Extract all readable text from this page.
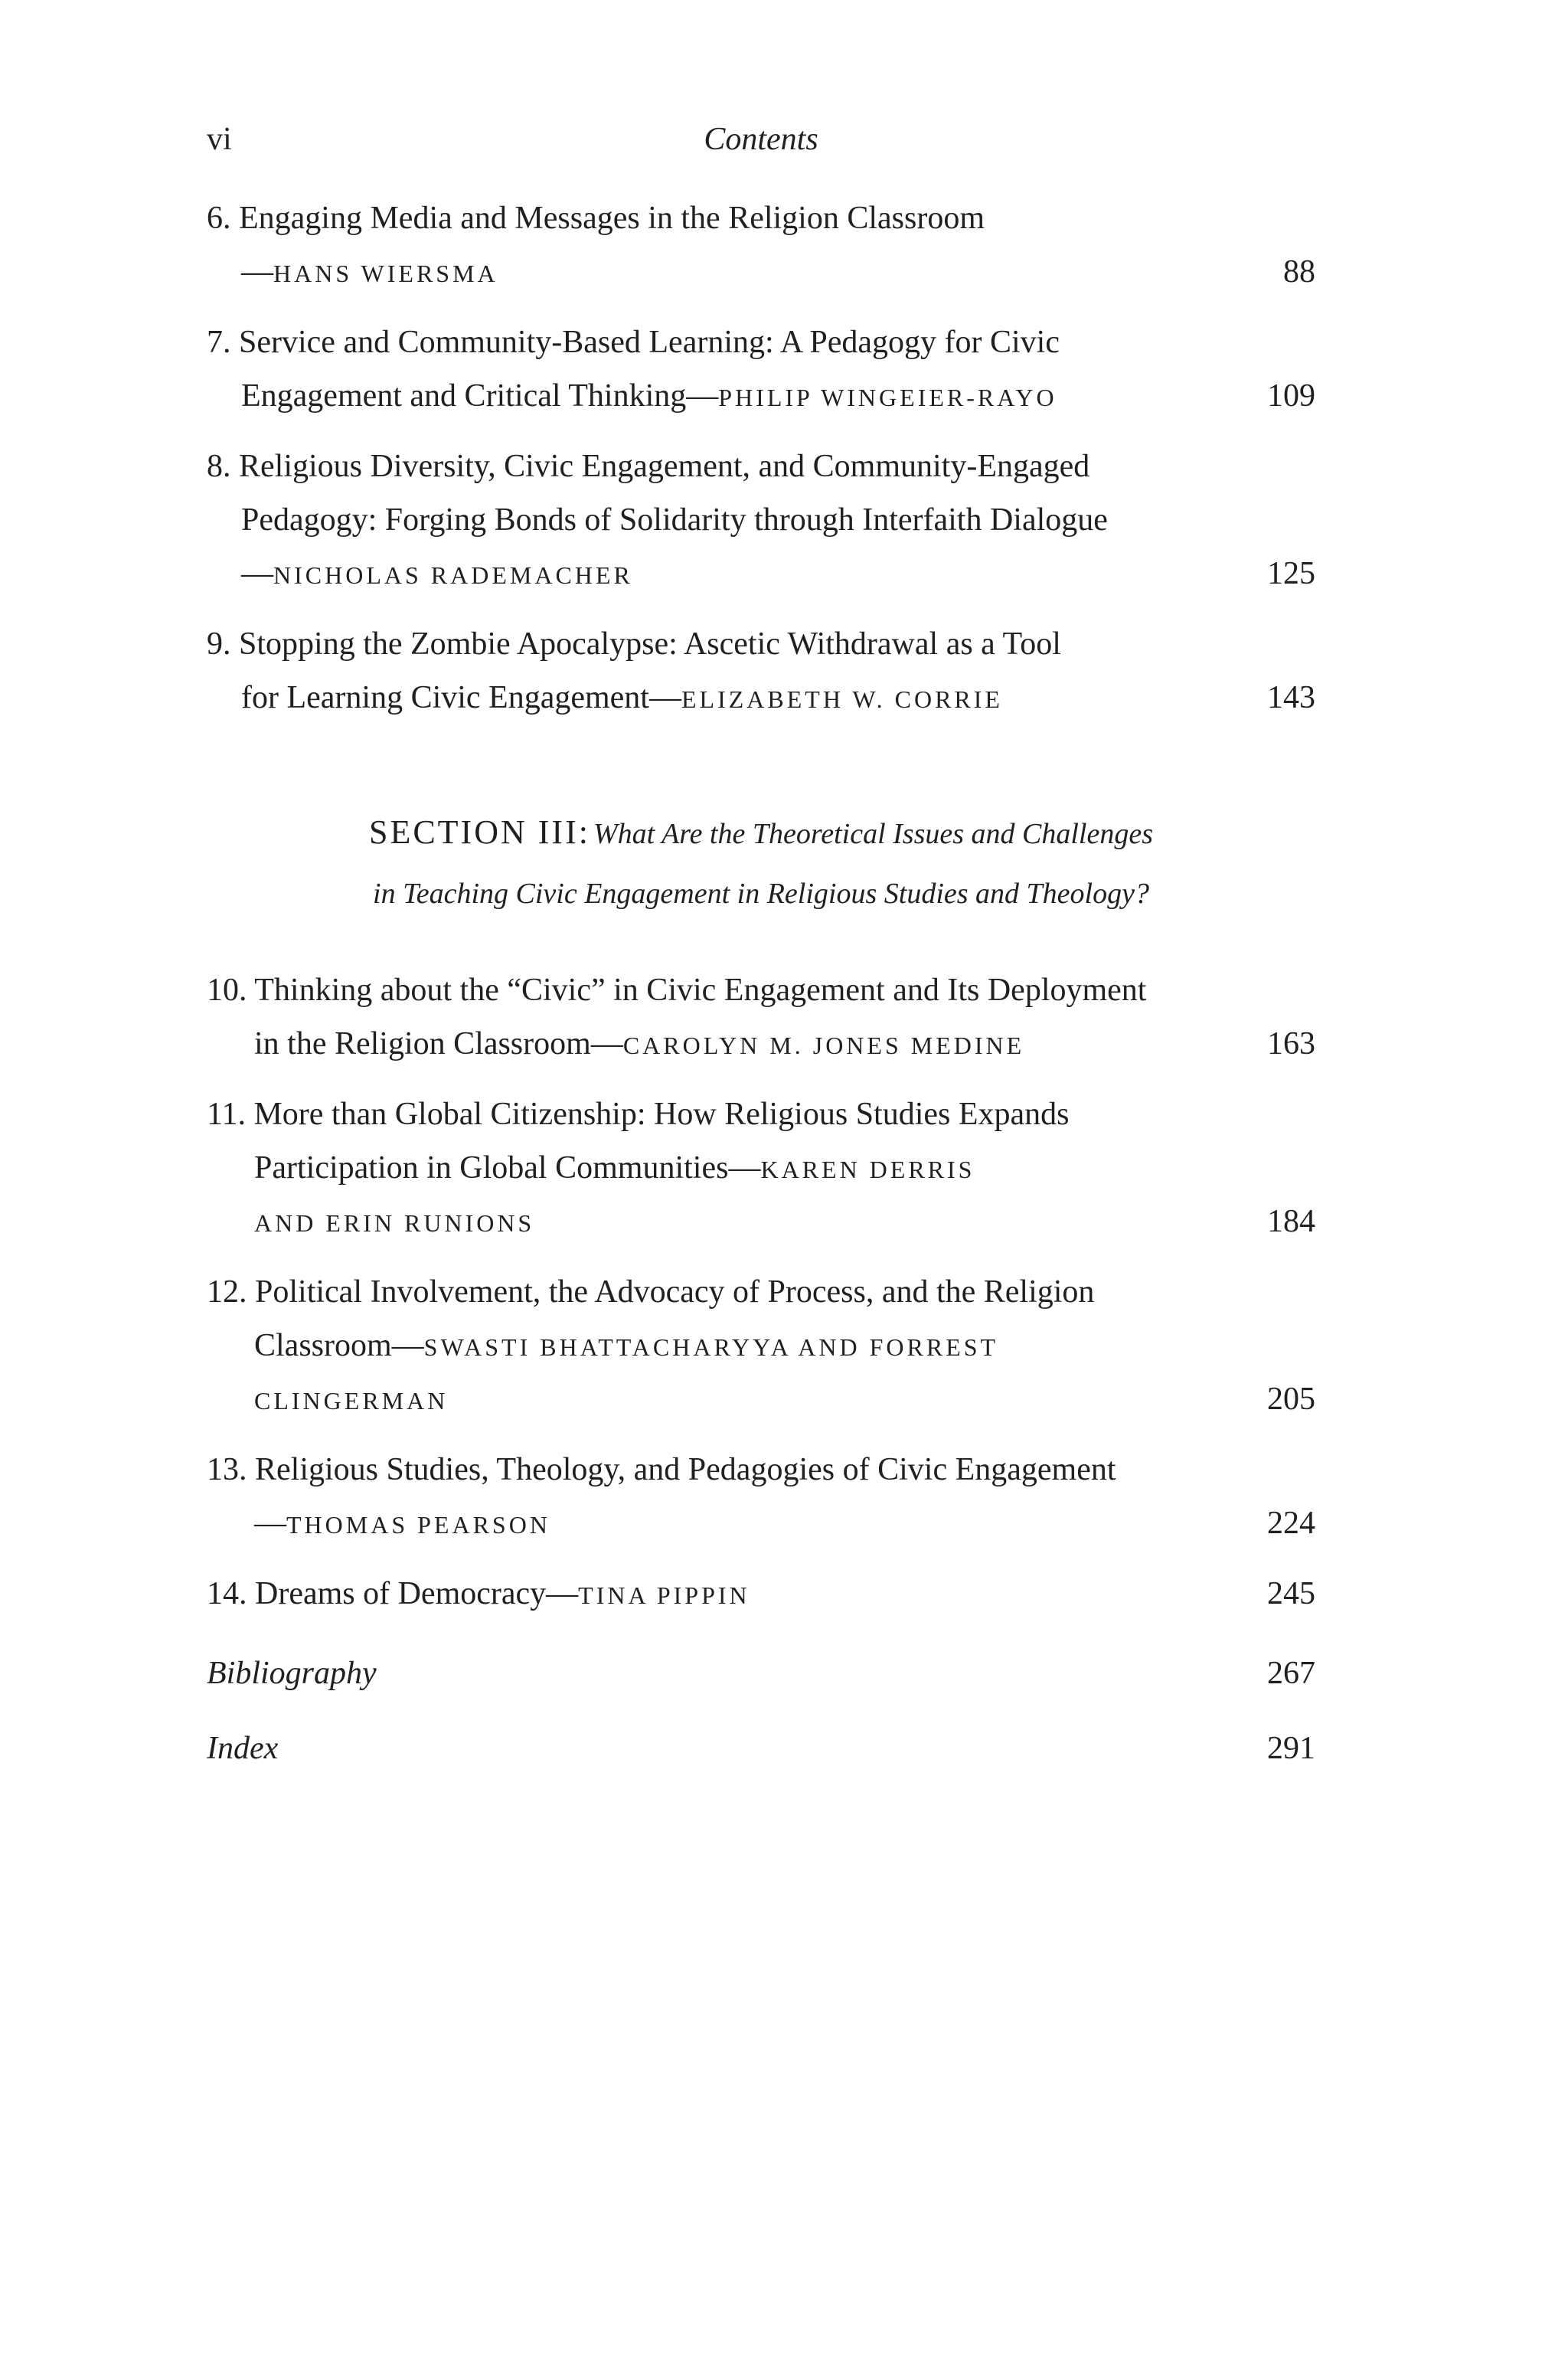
vi	Contents
6. Engaging Media and Messages in the Religion Classroom
—HANS WIERSMA	88
7. Service and Community-Based Learning: A Pedagogy for Civic
Engagement and Critical Thinking—PHILIP WINGEIER-RAYO	109
8. Religious Diversity, Civic Engagement, and Community-Engaged
Pedagogy: Forging Bonds of Solidarity through Interfaith Dialogue
—NICHOLAS RADEMACHER	125
9. Stopping the Zombie Apocalypse: Ascetic Withdrawal as a Tool
for Learning Civic Engagement—ELIZABETH W. CORRIE	143
SECTION III: What Are the Theoretical Issues and Challenges
in Teaching Civic Engagement in Religious Studies and Theology?
10. Thinking about the “Civic” in Civic Engagement and Its Deployment
in the Religion Classroom—CAROLYN M. JONES MEDINE	163
11. More than Global Citizenship: How Religious Studies Expands
Participation in Global Communities—KAREN DERRIS
AND ERIN RUNIONS	184
12. Political Involvement, the Advocacy of Process, and the Religion
Classroom—SWASTI BHATTACHARYYA AND FORREST
CLINGERMAN	205
13. Religious Studies, Theology, and Pedagogies of Civic Engagement
—THOMAS PEARSON	224
14. Dreams of Democracy—TINA PIPPIN	245
Bibliography	267
Index	291
